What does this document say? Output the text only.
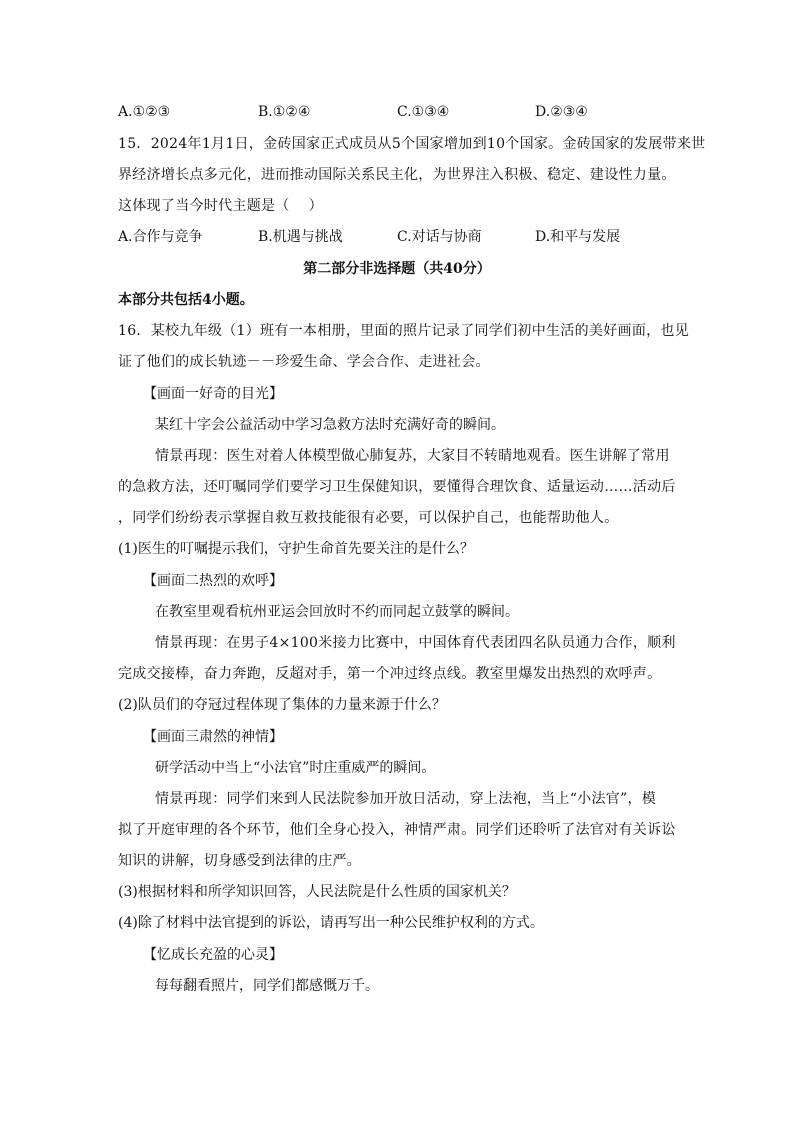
A.①②③	B.①②④	C.①③④	D.②③④
15．2024年1月1日，金砖国家正式成员从5个国家增加到10个国家。金砖国家的发展带来世
界经济增长点多元化，进而推动国际关系民主化，为世界注入积极、稳定、建设性力量。
这体现了当今时代主题是（　 ）
A.合作与竞争	B.机遇与挑战	C.对话与协商	D.和平与发展
第二部分非选择题（共40分）
本部分共包括4小题。
16．某校九年级（1）班有一本相册，里面的照片记录了同学们初中生活的美好画面，也见
证了他们的成长轨迹－－珍爱生命、学会合作、走进社会。
【画面一好奇的目光】
某红十字会公益活动中学习急救方法时充满好奇的瞬间。
情景再现：医生对着人体模型做心肺复苏，大家目不转睛地观看。医生讲解了常用
的急救方法，还叮嘱同学们要学习卫生保健知识，要懂得合理饮食、适量运动……活动后
，同学们纷纷表示掌握自救互救技能很有必要，可以保护自己，也能帮助他人。
(1)医生的叮嘱提示我们，守护生命首先要关注的是什么？
【画面二热烈的欢呼】
在教室里观看杭州亚运会回放时不约而同起立鼓掌的瞬间。
情景再现：在男子4×100米接力比赛中，中国体育代表团四名队员通力合作，顺利
完成交接棒，奋力奔跑，反超对手，第一个冲过终点线。教室里爆发出热烈的欢呼声。
(2)队员们的夺冠过程体现了集体的力量来源于什么？
【画面三肃然的神情】
研学活动中当上“小法官”时庄重威严的瞬间。
情景再现：同学们来到人民法院参加开放日活动，穿上法袍，当上“小法官”，模
拟了开庭审理的各个环节，他们全身心投入，神情严肃。同学们还聆听了法官对有关诉讼
知识的讲解，切身感受到法律的庄严。
(3)根据材料和所学知识回答，人民法院是什么性质的国家机关？
(4)除了材料中法官提到的诉讼，请再写出一种公民维护权利的方式。
【忆成长充盈的心灵】
每每翻看照片，同学们都感慨万千。
